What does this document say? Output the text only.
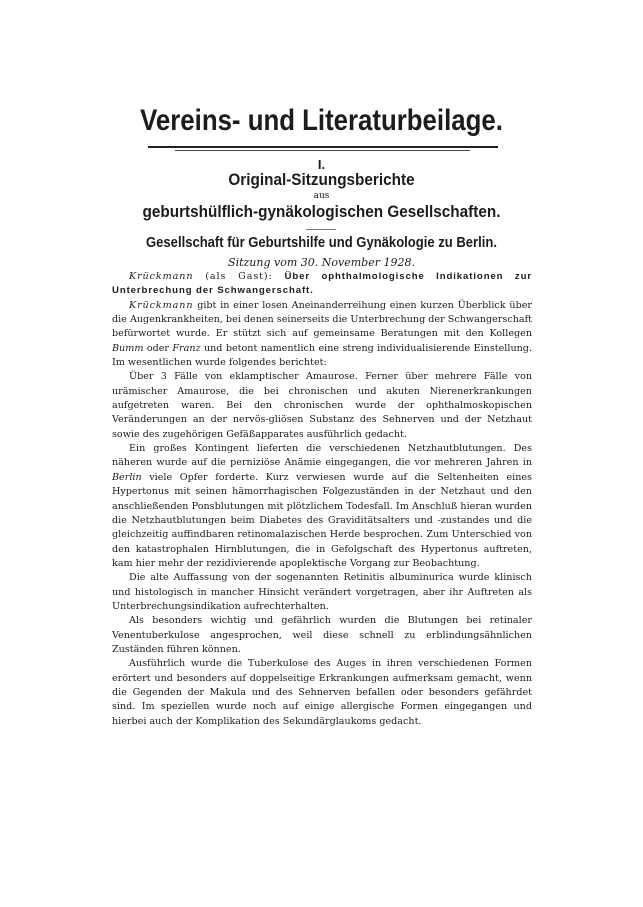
Vereins- und Literaturbeilage.
I.
Original-Sitzungsberichte
aus
geburtshülflich-gynäkologischen Gesellschaften.
Gesellschaft für Geburtshilfe und Gynäkologie zu Berlin.
Sitzung vom 30. November 1928.

Krückmann (als Gast): Über ophthalmologische Indikationen zur Unterbrechung der Schwangerschaft.

Krückmann gibt in einer losen Aneinanderreihung einen kurzen Überblick über die Augenkrankheiten, bei denen seinerseits die Unterbrechung der Schwangerschaft befürwortet wurde. Er stützt sich auf gemeinsame Beratungen mit den Kollegen Bumm oder Franz und betont namentlich eine streng individualisierende Einstellung. Im wesentlichen wurde folgendes berichtet:

Über 3 Fälle von eklamptischer Amaurose. Ferner über mehrere Fälle von urämischer Amaurose, die bei chronischen und akuten Nierenerkrankungen aufgetreten waren. Bei den chronischen wurde der ophthalmoskopischen Veränderungen an der nervös-gliösen Substanz des Sehnerven und der Netzhaut sowie des zugehörigen Gefäßapparates ausführlich gedacht.

Ein großes Kontingent lieferten die verschiedenen Netzhautblutungen. Des näheren wurde auf die perniziöse Anämie eingegangen, die vor mehreren Jahren in Berlin viele Opfer forderte. Kurz verwiesen wurde auf die Seltenheiten eines Hypertonus mit seinen hämorrhagischen Folgezuständen in der Netzhaut und den anschließenden Ponsblutungen mit plötzlichem Todesfall. Im Anschluß hieran wurden die Netzhautblutungen beim Diabetes des Graviditätsalters und -zustandes und die gleichzeitig auffindbaren retinomalazischen Herde besprochen. Zum Unterschied von den katastrophalen Hirnblutungen, die in Gefolgschaft des Hypertonus auftreten, kam hier mehr der rezidivierende apoplektische Vorgang zur Beobachtung.

Die alte Auffassung von der sogenannten Retinitis albuminurica wurde klinisch und histologisch in mancher Hinsicht verändert vorgetragen, aber ihr Auftreten als Unterbrechungsindikation aufrechterhalten.

Als besonders wichtig und gefährlich wurden die Blutungen bei retinaler Venentuberkulose angesprochen, weil diese schnell zu erblindungsähnlichen Zuständen führen können.

Ausführlich wurde die Tuberkulose des Auges in ihren verschiedenen Formen erörtert und besonders auf doppelseitige Erkrankungen aufmerksam gemacht, wenn die Gegenden der Makula und des Sehnerven befallen oder besonders gefährdet sind. Im speziellen wurde noch auf einige allergische Formen eingegangen und hierbei auch der Komplikation des Sekundärglaukoms gedacht.
